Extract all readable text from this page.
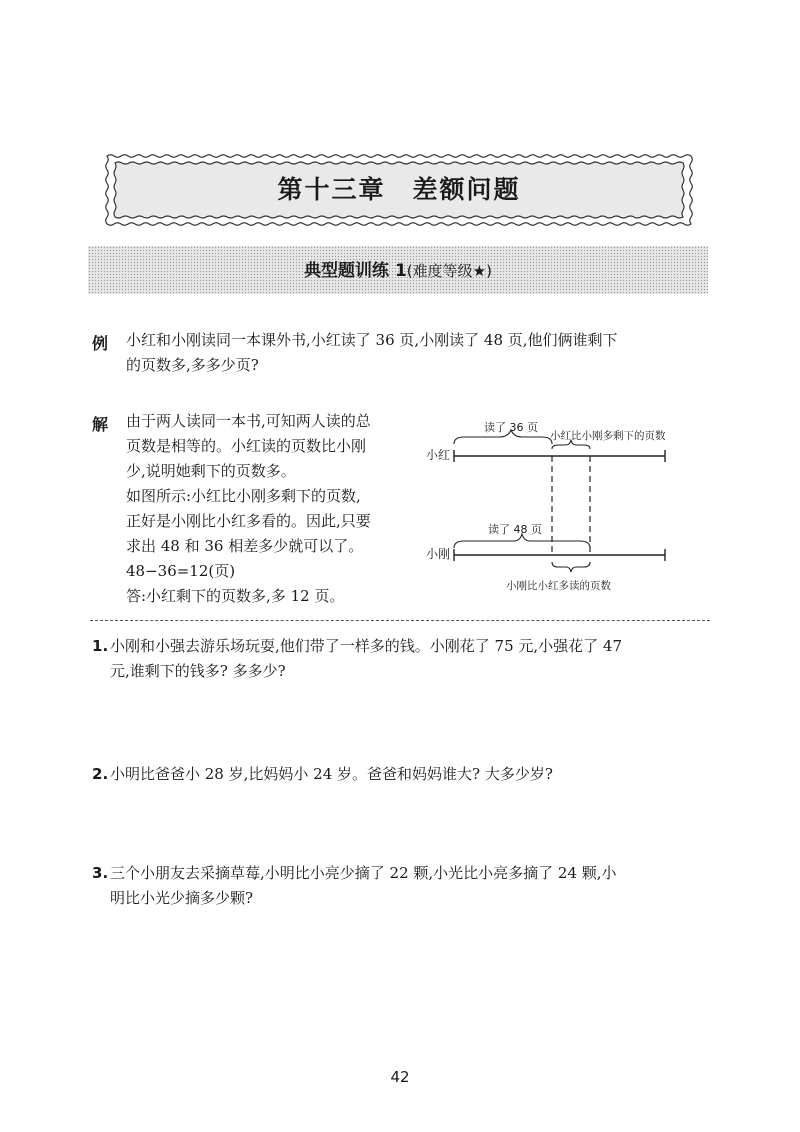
第十三章　差额问题
典型题训练 1(难度等级★)
例 小红和小刚读同一本课外书,小红读了 36 页,小刚读了 48 页,他们俩谁剩下
的页数多,多多少页?
解 由于两人读同一本书,可知两人读的总
页数是相等的。小红读的页数比小刚
少,说明她剩下的页数多。
如图所示:小红比小刚多剩下的页数,
正好是小刚比小红多看的。因此,只要
求出 48 和 36 相差多少就可以了。
48−36=12(页)
答:小红剩下的页数多,多 12 页。
小红
读了 36 页
小红比小刚多剩下的页数
小刚
读了 48 页
小刚比小红多读的页数
1. 小刚和小强去游乐场玩耍,他们带了一样多的钱。小刚花了 75 元,小强花了 47
元,谁剩下的钱多? 多多少?
2. 小明比爸爸小 28 岁,比妈妈小 24 岁。爸爸和妈妈谁大? 大多少岁?
3. 三个小朋友去采摘草莓,小明比小亮少摘了 22 颗,小光比小亮多摘了 24 颗,小
明比小光少摘多少颗?
42
